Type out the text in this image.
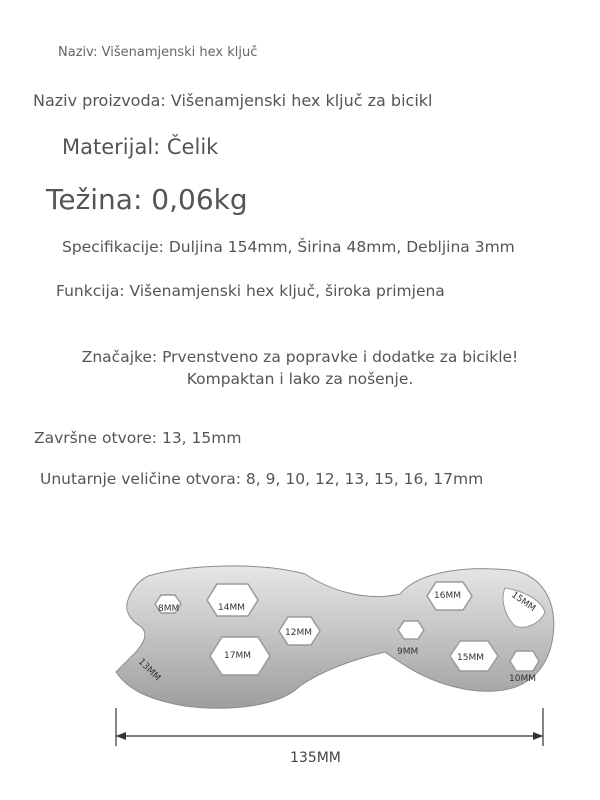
Naziv: Višenamjenski hex ključ
Naziv proizvoda: Višenamjenski hex ključ za bicikl
Materijal: Čelik
Težina: 0,06kg
Specifikacije: Duljina 154mm, Širina 48mm, Debljina 3mm
Funkcija: Višenamjenski hex ključ, široka primjena
Značajke: Prvenstveno za popravke i dodatke za bicikle!
Kompaktan i lako za nošenje.
Završne otvore: 13, 15mm
Unutarnje veličine otvora: 8, 9, 10, 12, 13, 15, 16, 17mm
8MM	14MM
12MM
17MM	9MM
16MM
15MM
10MM
15MM
13MM
135MM
